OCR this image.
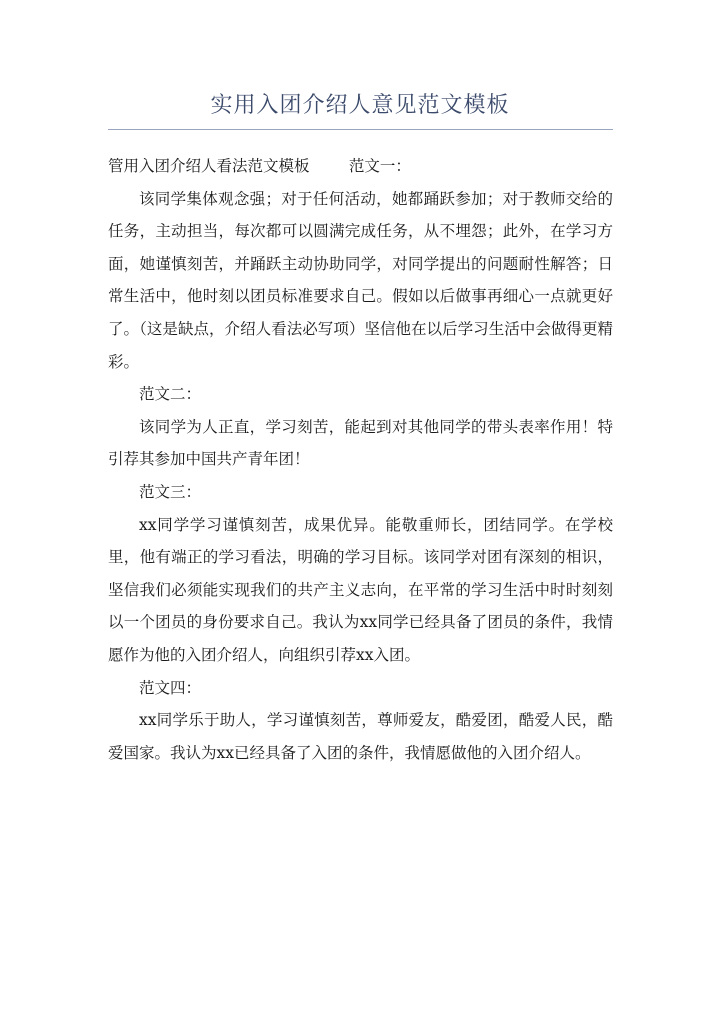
实用入团介绍人意见范文模板

管用入团介绍人看法范文模板        范文一：

该同学集体观念强；对于任何活动，她都踊跃参加；对于教师交给的任务，主动担当，每次都可以圆满完成任务，从不埋怨；此外，在学习方面，她谨慎刻苦，并踊跃主动协助同学，对同学提出的问题耐性解答；日常生活中，他时刻以团员标准要求自己。假如以后做事再细心一点就更好了。（这是缺点，介绍人看法必写项）坚信他在以后学习生活中会做得更精彩。

范文二：

该同学为人正直，学习刻苦，能起到对其他同学的带头表率作用！特引荐其参加中国共产青年团！

范文三：

xx同学学习谨慎刻苦，成果优异。能敬重师长，团结同学。在学校里，他有端正的学习看法，明确的学习目标。该同学对团有深刻的相识，坚信我们必须能实现我们的共产主义志向，在平常的学习生活中时时刻刻以一个团员的身份要求自己。我认为xx同学已经具备了团员的条件，我情愿作为他的入团介绍人，向组织引荐xx入团。

范文四：

xx同学乐于助人，学习谨慎刻苦，尊师爱友，酷爱团，酷爱人民，酷爱国家。我认为xx已经具备了入团的条件，我情愿做他的入团介绍人。
